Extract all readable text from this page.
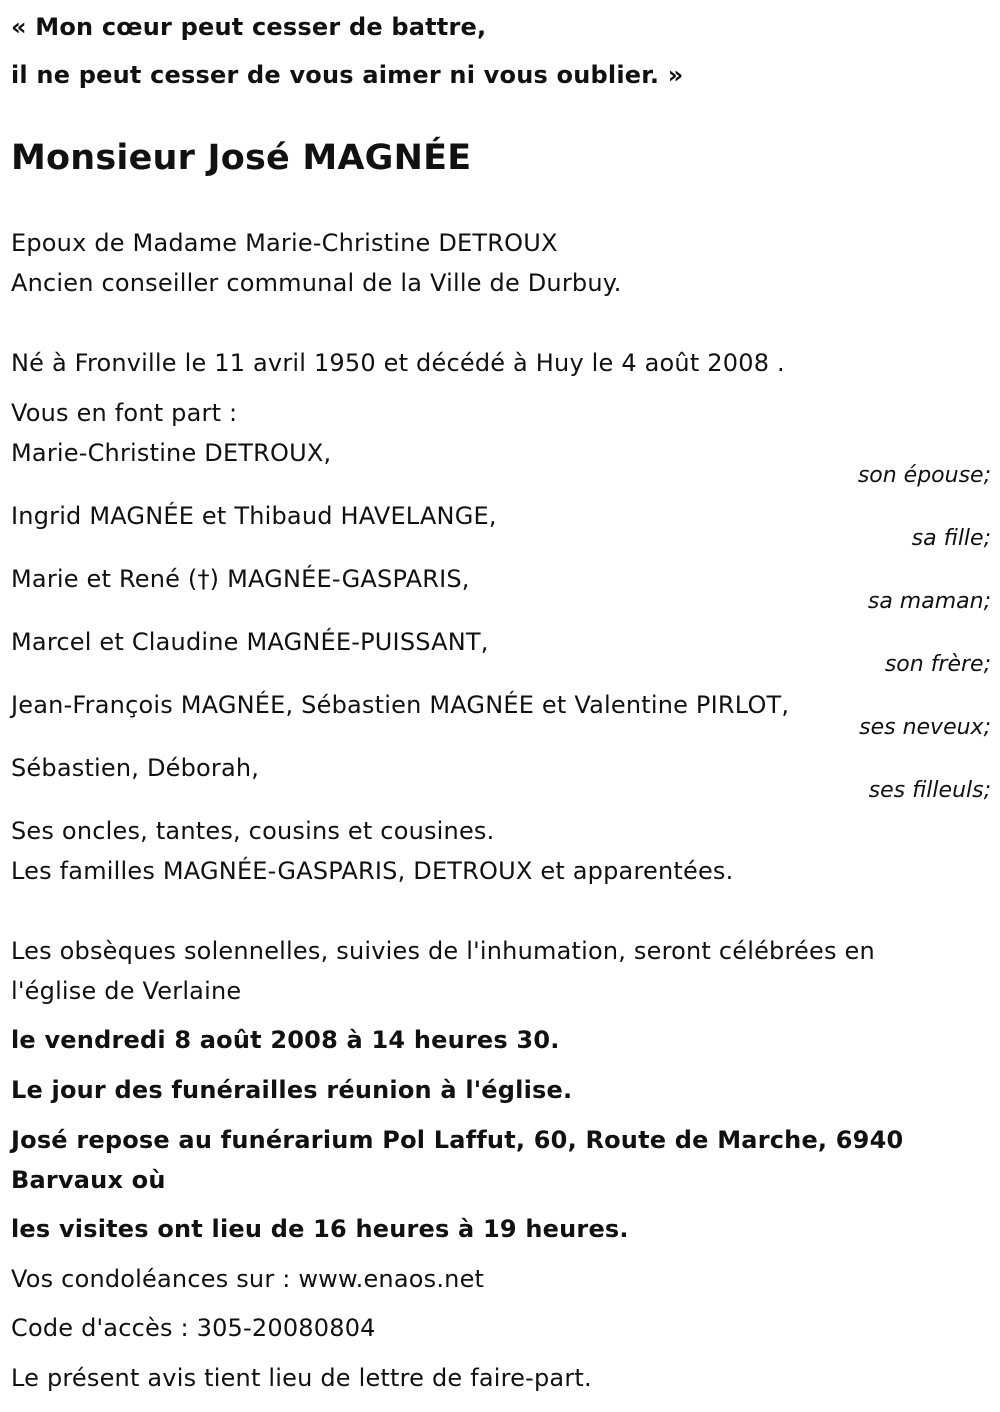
« Mon cœur peut cesser de battre,
il ne peut cesser de vous aimer ni vous oublier. »
Monsieur José MAGNÉE
Epoux de Madame Marie-Christine DETROUX
Ancien conseiller communal de la Ville de Durbuy.
Né à Fronville le 11 avril 1950 et décédé à Huy le 4 août 2008 .
Vous en font part :
Marie-Christine DETROUX,
son épouse;
Ingrid MAGNÉE et Thibaud HAVELANGE,
sa fille;
Marie et René (†) MAGNÉE-GASPARIS,
sa maman;
Marcel et Claudine MAGNÉE-PUISSANT,
son frère;
Jean-François MAGNÉE, Sébastien MAGNÉE et Valentine PIRLOT,
ses neveux;
Sébastien, Déborah,
ses filleuls;
Ses oncles, tantes, cousins et cousines.
Les familles MAGNÉE-GASPARIS, DETROUX et apparentées.
Les obsèques solennelles, suivies de l'inhumation, seront célébrées en
l'église de Verlaine
le vendredi 8 août 2008 à 14 heures 30.
Le jour des funérailles réunion à l'église.
José repose au funérarium Pol Laffut, 60, Route de Marche, 6940
Barvaux où
les visites ont lieu de 16 heures à 19 heures.
Vos condoléances sur : www.enaos.net
Code d'accès : 305-20080804
Le présent avis tient lieu de lettre de faire-part.
